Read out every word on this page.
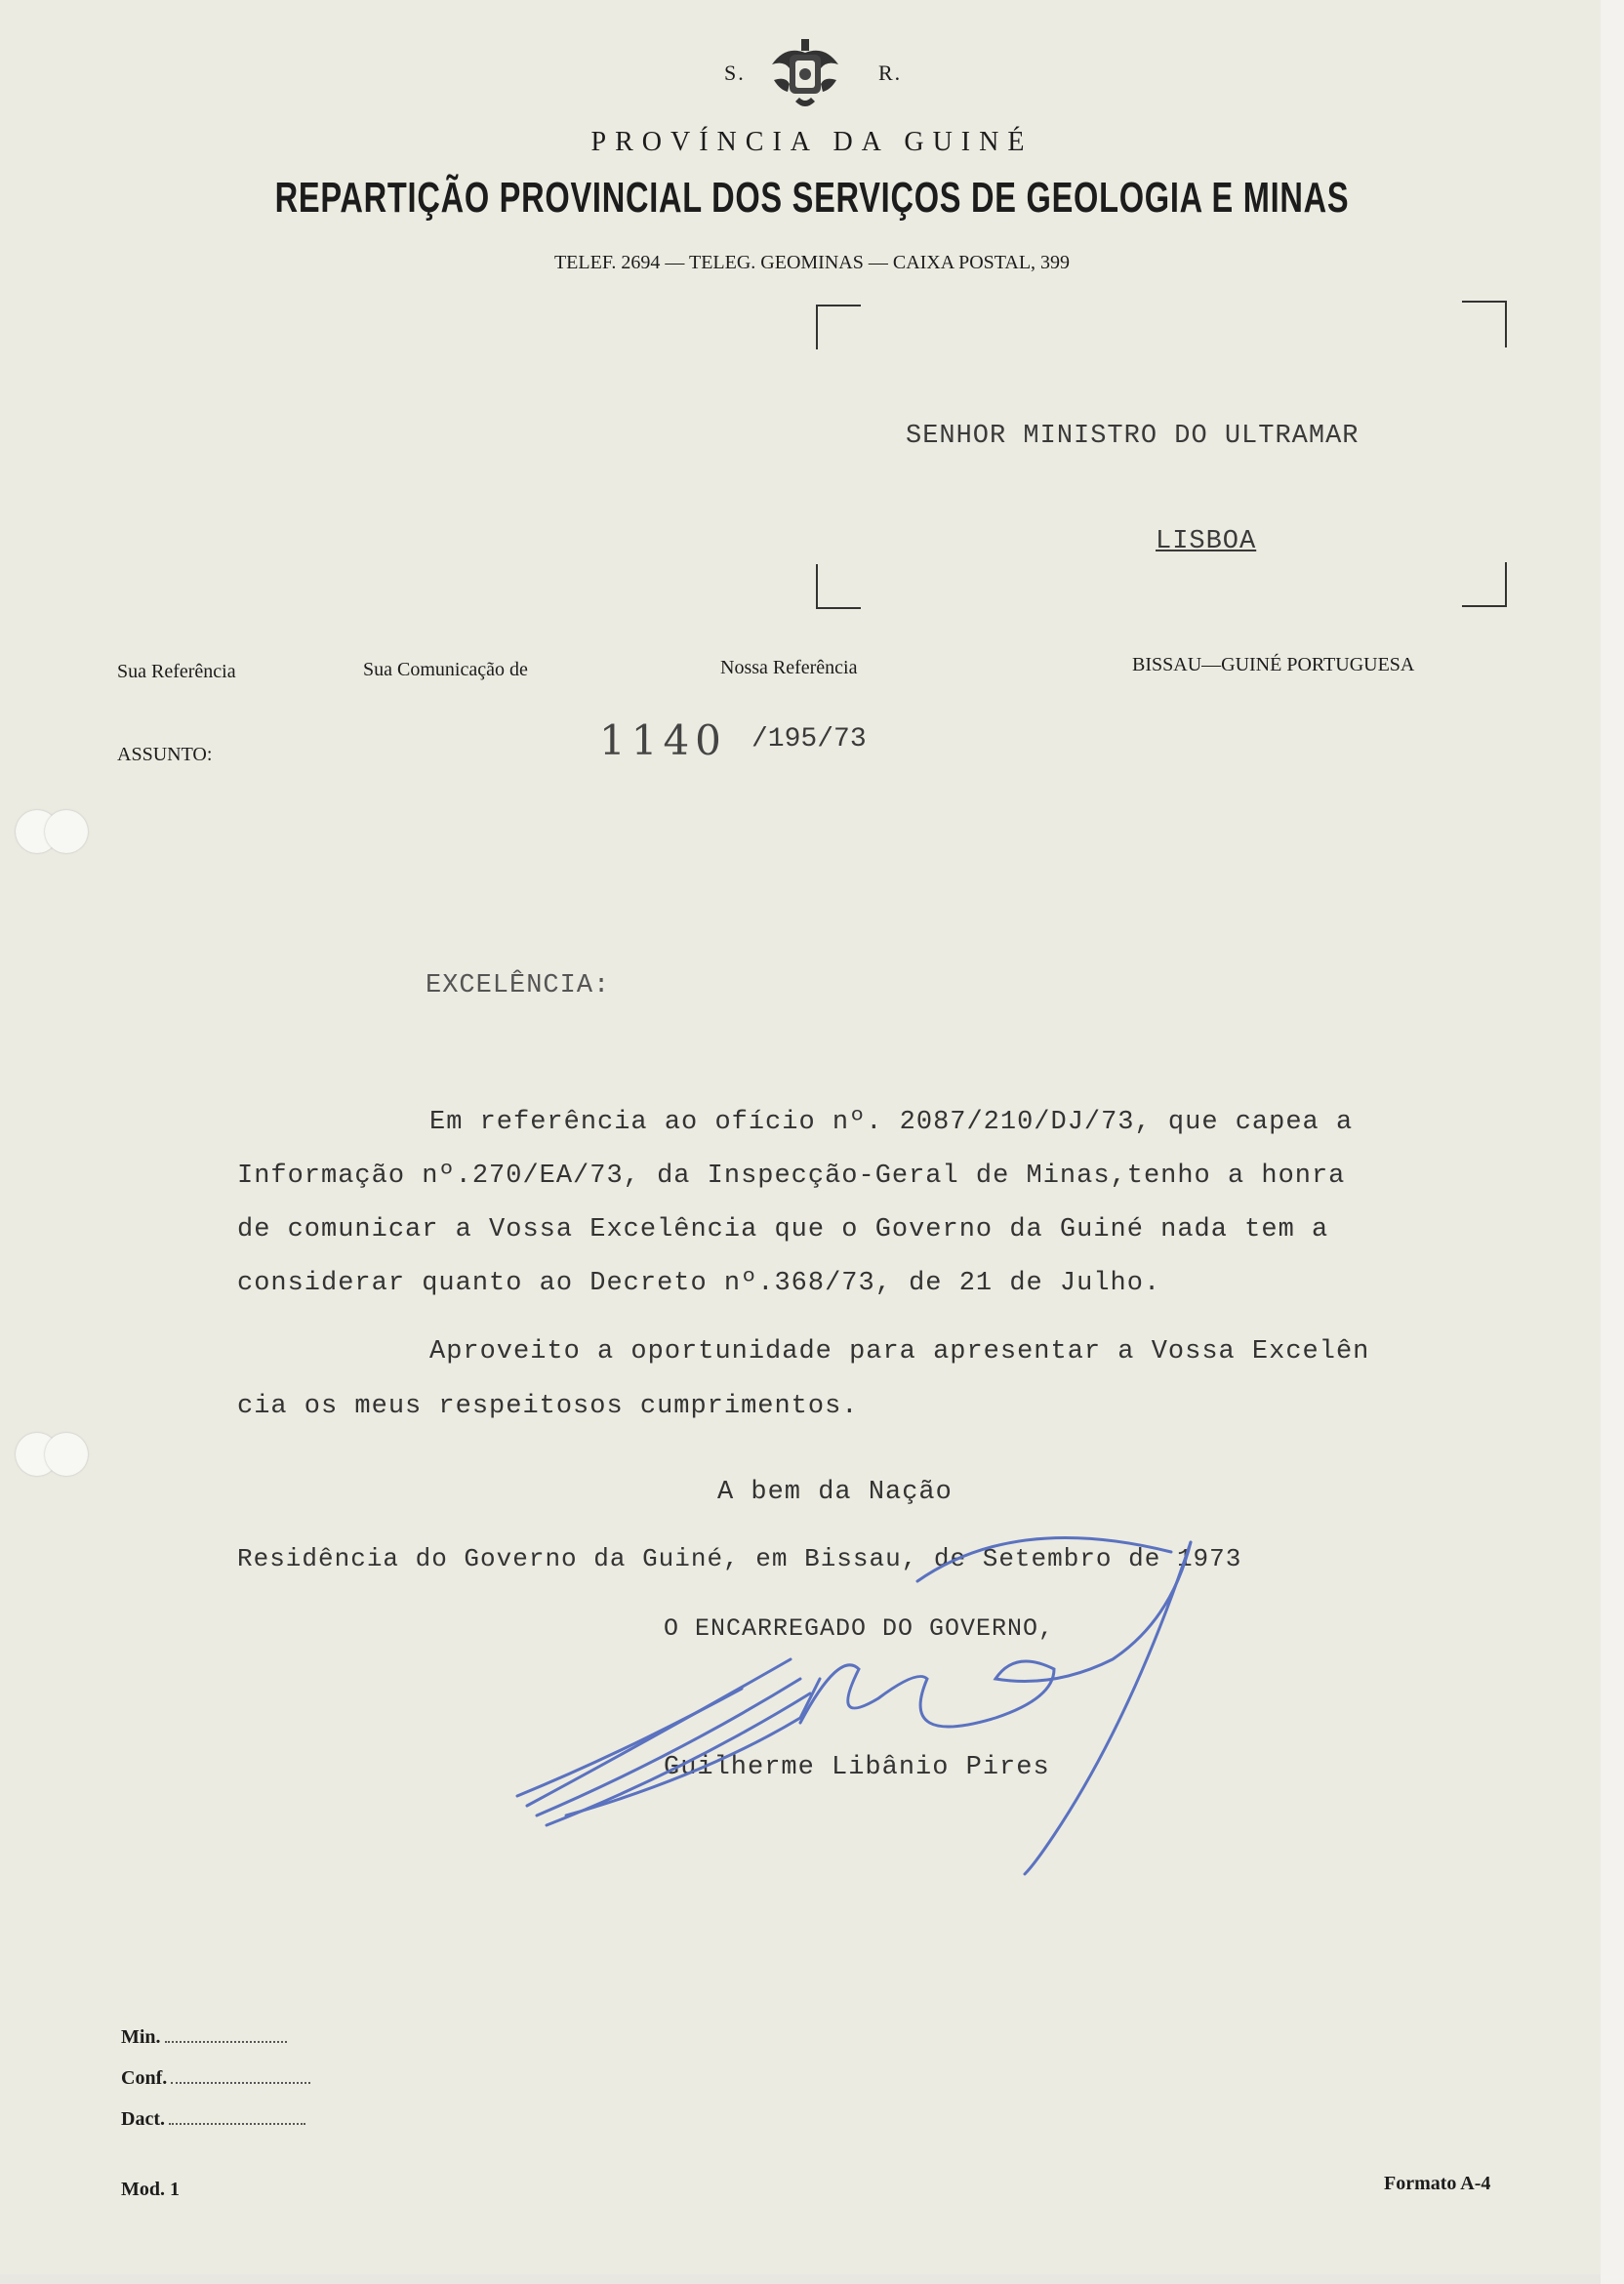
S.	R.
PROVÍNCIA DA GUINÉ
REPARTIÇÃO PROVINCIAL DOS SERVIÇOS DE GEOLOGIA E MINAS
TELEF. 2694 — TELEG. GEOMINAS — CAIXA POSTAL, 399
SENHOR MINISTRO DO ULTRAMAR
LISBOA
Sua Referência	Sua Comunicação de	Nossa Referência	BISSAU—GUINÉ PORTUGUESA
ASSUNTO:	1140 /195/73
EXCELÊNCIA:
Em referência ao ofício nº. 2087/210/DJ/73, que capea a
Informação nº.270/EA/73, da Inspecção-Geral de Minas,tenho a honra
de comunicar a Vossa Excelência que o Governo da Guiné nada tem a
considerar quanto ao Decreto nº.368/73, de 21 de Julho.
Aproveito a oportunidade para apresentar a Vossa Excelên
cia os meus respeitosos cumprimentos.
A bem da Nação
Residência do Governo da Guiné, em Bissau, de Setembro de 1973
O ENCARREGADO DO GOVERNO,
Guilherme Libânio Pires
Min.
Conf.
Dact.
Mod. 1	Formato A-4
